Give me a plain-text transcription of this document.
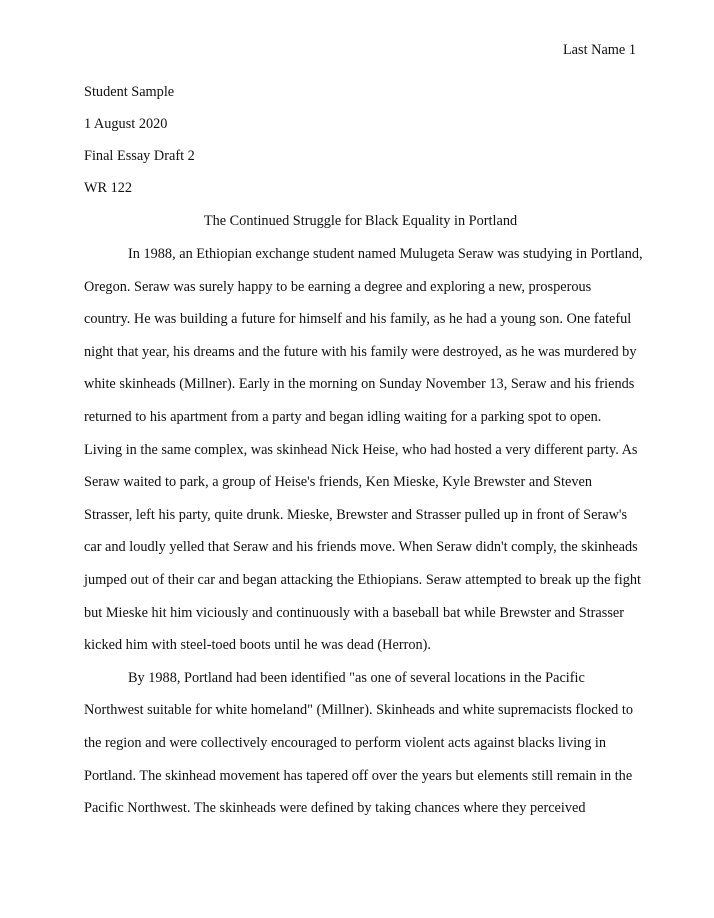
Last Name 1
Student Sample
1 August 2020
Final Essay Draft 2
WR 122
The Continued Struggle for Black Equality in Portland
In 1988, an Ethiopian exchange student named Mulugeta Seraw was studying in Portland,
Oregon. Seraw was surely happy to be earning a degree and exploring a new, prosperous
country. He was building a future for himself and his family, as he had a young son. One fateful
night that year, his dreams and the future with his family were destroyed, as he was murdered by
white skinheads (Millner). Early in the morning on Sunday November 13, Seraw and his friends
returned to his apartment from a party and began idling waiting for a parking spot to open.
Living in the same complex, was skinhead Nick Heise, who had hosted a very different party. As
Seraw waited to park, a group of Heise's friends, Ken Mieske, Kyle Brewster and Steven
Strasser, left his party, quite drunk. Mieske, Brewster and Strasser pulled up in front of Seraw's
car and loudly yelled that Seraw and his friends move. When Seraw didn't comply, the skinheads
jumped out of their car and began attacking the Ethiopians. Seraw attempted to break up the fight
but Mieske hit him viciously and continuously with a baseball bat while Brewster and Strasser
kicked him with steel-toed boots until he was dead (Herron).
By 1988, Portland had been identified "as one of several locations in the Pacific
Northwest suitable for white homeland" (Millner). Skinheads and white supremacists flocked to
the region and were collectively encouraged to perform violent acts against blacks living in
Portland. The skinhead movement has tapered off over the years but elements still remain in the
Pacific Northwest. The skinheads were defined by taking chances where they perceived
